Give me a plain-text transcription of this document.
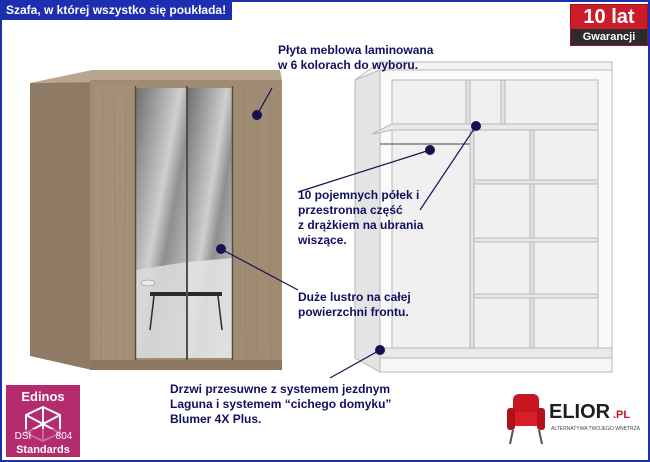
Szafa, w której wszystko się poukłada!	10 lat
Gwarancji
Płyta meblowa laminowana
w 6 kolorach do wyboru.
10 pojemnych półek i
przestronna część
z drążkiem na ubrania
wiszące.
Duże lustro na całej
powierzchni frontu.
Drzwi przesuwne z systemem jezdnym
Laguna i systemem “cichego domyku”
Blumer 4X Plus.
Edinos
DSI 804
Standards
ELIOR .PL
ALTERNATYWA TWOJEGO WNĘTRZA
